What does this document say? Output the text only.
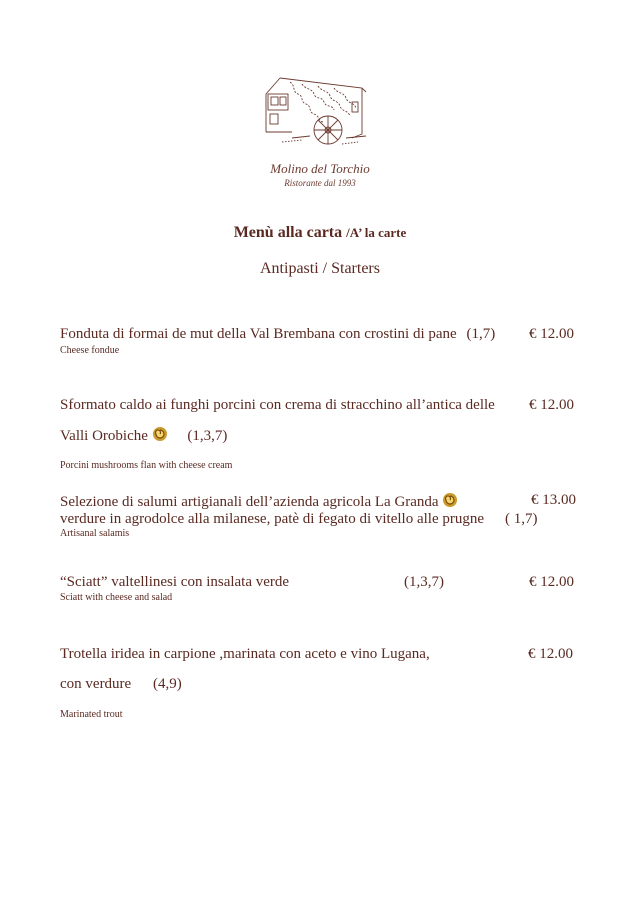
Molino del Torchio
Ristorante dal 1993
Menù alla carta /A’ la carte
Antipasti / Starters
Fonduta di formai de mut della Val Brembana con crostini di pane (1,7) € 12.00
Cheese fondue
Sformato caldo ai funghi porcini con crema di stracchino all’antica delle € 12.00
Valli Orobiche	(1,3,7)
Porcini mushrooms flan with cheese cream
Selezione di salumi artigianali dell’azienda agricola La Granda	€ 13.00
verdure in agrodolce alla milanese, patè di fegato di vitello alle prugne ( 1,7)
Artisanal salamis
“Sciatt” valtellinesi con insalata verde	(1,3,7)	€ 12.00
Sciatt with cheese and salad
Trotella iridea in carpione ,marinata con aceto e vino Lugana,	€ 12.00
con verdure (4,9)
Marinated trout
